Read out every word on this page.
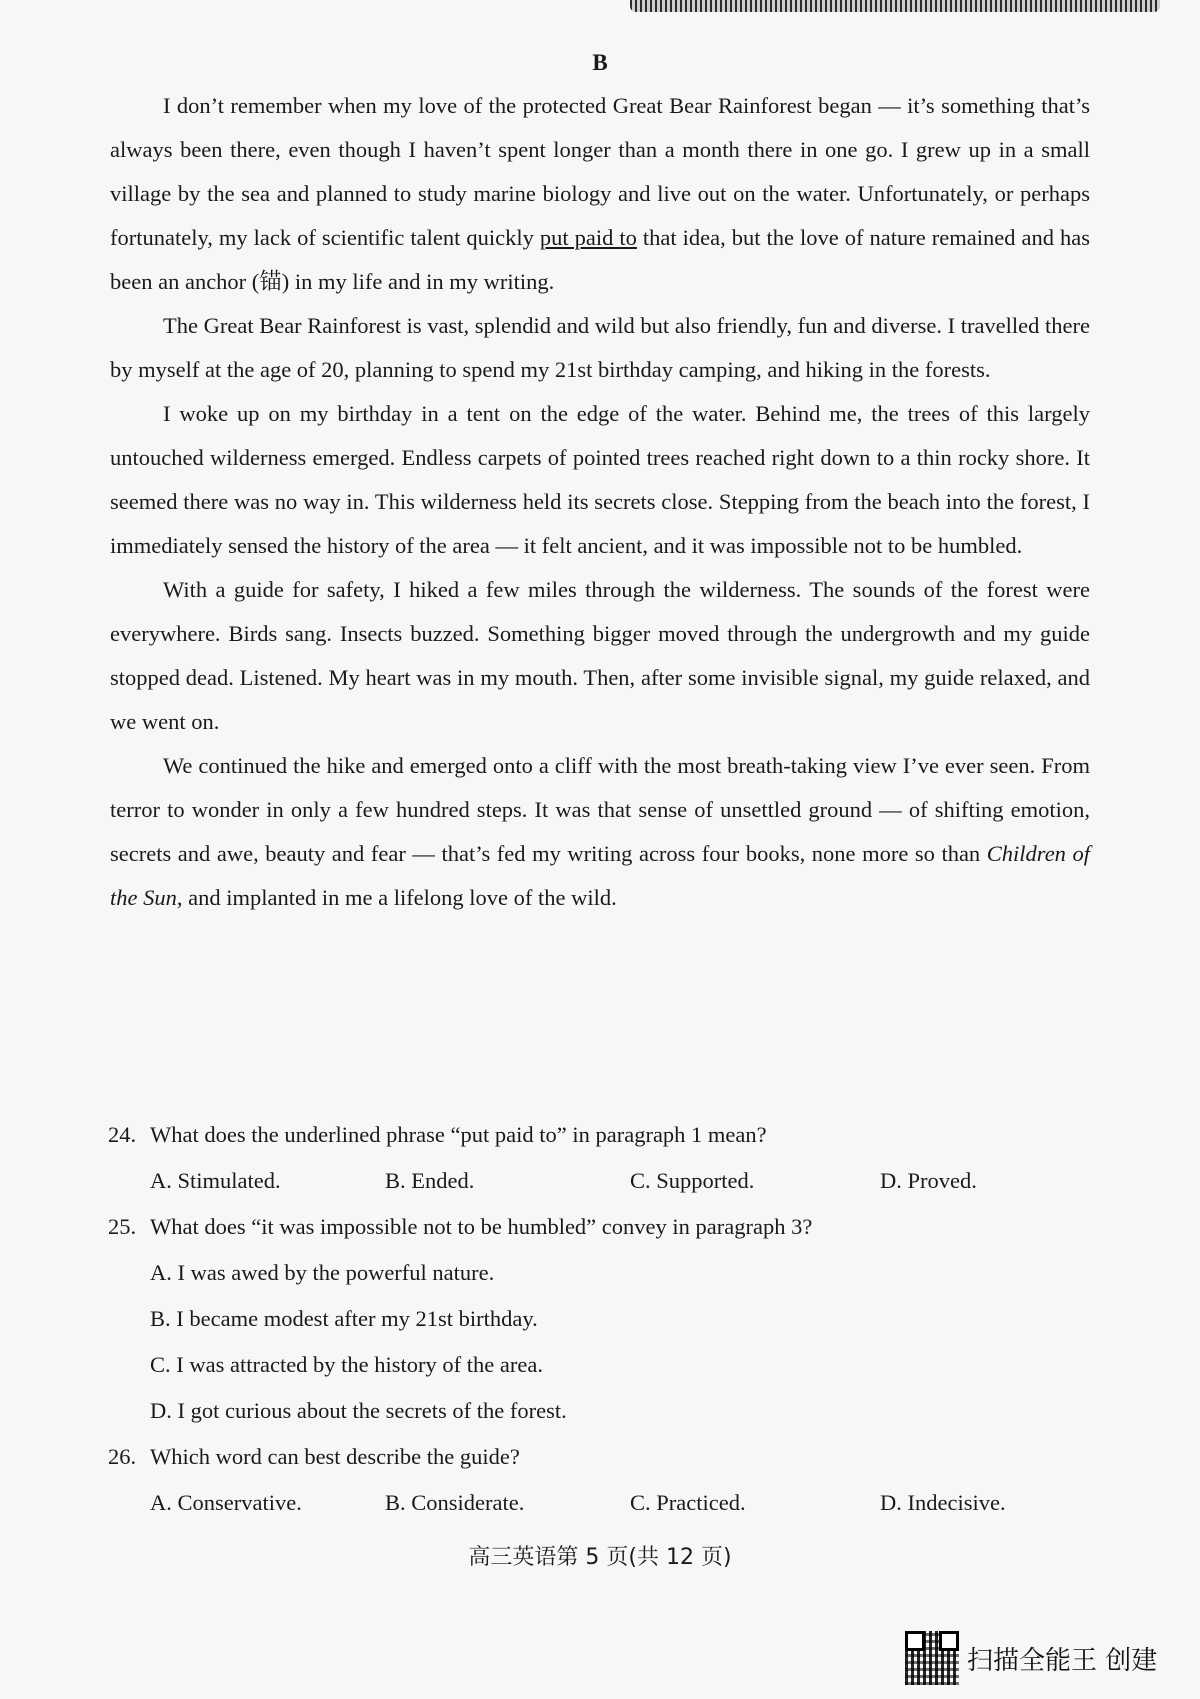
B

I don’t remember when my love of the protected Great Bear Rainforest began — it’s something that’s always been there, even though I haven’t spent longer than a month there in one go. I grew up in a small village by the sea and planned to study marine biology and live out on the water. Unfortunately, or perhaps fortunately, my lack of scientific talent quickly put paid to that idea, but the love of nature remained and has been an anchor (锚) in my life and in my writing.

The Great Bear Rainforest is vast, splendid and wild but also friendly, fun and diverse. I travelled there by myself at the age of 20, planning to spend my 21st birthday camping, and hiking in the forests.

I woke up on my birthday in a tent on the edge of the water. Behind me, the trees of this largely untouched wilderness emerged. Endless carpets of pointed trees reached right down to a thin rocky shore. It seemed there was no way in. This wilderness held its secrets close. Stepping from the beach into the forest, I immediately sensed the history of the area — it felt ancient, and it was impossible not to be humbled.

With a guide for safety, I hiked a few miles through the wilderness. The sounds of the forest were everywhere. Birds sang. Insects buzzed. Something bigger moved through the undergrowth and my guide stopped dead. Listened. My heart was in my mouth. Then, after some invisible signal, my guide relaxed, and we went on.

We continued the hike and emerged onto a cliff with the most breath-taking view I’ve ever seen. From terror to wonder in only a few hundred steps. It was that sense of unsettled ground — of shifting emotion, secrets and awe, beauty and fear — that’s fed my writing across four books, none more so than Children of the Sun, and implanted in me a lifelong love of the wild.

24. What does the underlined phrase “put paid to” in paragraph 1 mean?
A. Stimulated.	B. Ended.	C. Supported.	D. Proved.
25. What does “it was impossible not to be humbled” convey in paragraph 3?
A. I was awed by the powerful nature.
B. I became modest after my 21st birthday.
C. I was attracted by the history of the area.
D. I got curious about the secrets of the forest.
26. Which word can best describe the guide?
A. Conservative.	B. Considerate.	C. Practiced.	D. Indecisive.
高三英语第 5 页(共 12 页)
扫描全能王 创建
